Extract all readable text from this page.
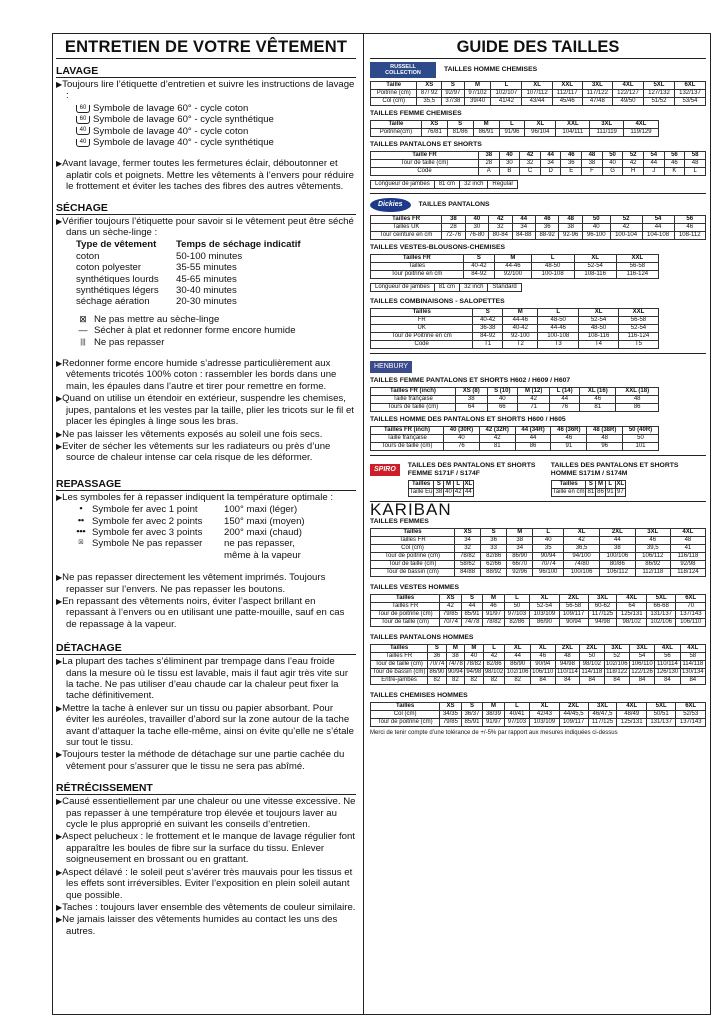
ENTRETIEN DE VOTRE VÊTEMENT
LAVAGE
▶ Toujours lire l’étiquette d’entretien et suivre les instructions de lavage :
60 Symbole de lavage 60° - cycle coton
60 Symbole de lavage 60° - cycle synthétique
40 Symbole de lavage 40° - cycle coton
40 Symbole de lavage 40° - cycle synthétique
▶ Avant lavage, fermer toutes les fermetures éclair, déboutonner et aplatir cols et poignets. Mettre les vêtements à l’envers pour réduire le frottement et éviter les taches des fibres des autres vêtements.
SÉCHAGE
▶ Vérifier toujours l’étiquette pour savoir si le vêtement peut être séché dans un sèche-linge :
Type de vêtement	Temps de séchage indicatif
coton	50-100 minutes
coton polyester	35-55 minutes
synthétiques lourds	45-65 minutes
synthétiques légers	30-40 minutes
séchage aération	20-30 minutes
⊠ Ne pas mettre au sèche-linge
— Sécher à plat et redonner forme encore humide
||| Ne pas repasser
▶ Redonner forme encore humide s’adresse particulièrement aux vêtements tricotés 100% coton : rassembler les bords dans une main, les épaules dans l’autre et tirer pour remettre en forme.
▶ Quand on utilise un étendoir en extérieur, suspendre les chemises, jupes, pantalons et les vestes par la taille, plier les tricots sur le fil et placer les épingles à linge sous les bras.
▶ Ne pas laisser les vêtements exposés au soleil une fois secs.
▶ Eviter de sécher les vêtements sur les radiateurs ou près d’une source de chaleur intense car cela risque de les déformer.
REPASSAGE
▶ Les symboles fer à repasser indiquent la température optimale :
⦁ Symbole fer avec 1 point	100° maxi (léger)
⦁⦁ Symbole fer avec 2 points 150° maxi (moyen)
⦁⦁⦁ Symbole fer avec 3 points 200° maxi (chaud)
☒ Symbole Ne pas repasser ne pas repasser,
même à la vapeur
▶ Ne pas repasser directement les vêtement imprimés. Toujours repasser sur l’envers. Ne pas repasser les boutons.
▶ En repassant des vêtements noirs, éviter l’aspect brillant en repassant à l’envers ou en utilisant une patte-mouille, sauf en cas de repassage à la vapeur.
DÉTACHAGE
▶ La plupart des taches s’éliminent par trempage dans l’eau froide dans la mesure où le tissu est lavable, mais il faut agir très vite sur la tache. Ne pas utiliser d’eau chaude car la chaleur peut fixer la tache définitivement.
▶ Mettre la tache à enlever sur un tissu ou papier absorbant. Pour éviter les auréoles, travailler d’abord sur la zone autour de la tache avant d’attaquer la tache elle-même, ainsi on évite qu’elle ne s’étale sur tout le tissu.
▶ Toujours tester la méthode de détachage sur une partie cachée du vêtement pour s’assurer que le tissu ne sera pas abîmé.
RÉTRÉCISSEMENT
▶ Causé essentiellement par une chaleur ou une vitesse excessive. Ne pas repasser à une température trop élevée et toujours laver au cycle le plus approprié en suivant les conseils d’entretien.
▶ Aspect pelucheux : le frottement et le manque de lavage régulier font apparaître les boules de fibre sur la surface du tissu. Enlever soigneusement en brossant ou en grattant.
▶ Aspect délavé : le soleil peut s’avérer très mauvais pour les tissus et les effets sont irréversibles. Eviter l’exposition en plein soleil autant que possible.
▶ Taches : toujours laver ensemble des vêtements de couleur similaire.
▶ Ne jamais laisser des vêtements humides au contact les uns des autres.
GUIDE DES TAILLES
RUSSELL COLLECTION	TAILLES HOMME CHEMISES
Taille	XS	S	M	L	XL	XXL	3XL	4XL	5XL	6XL
Poitrine (cm)	87/ 92	92/97	97/102	102/107	107/112	112/117	117/122	122/127	127/132	132/137
Col (cm)	35,5	37/38	39/40	41/42	43/44	45/46	47/48	49/50	51/52	53/54
TAILLES FEMME CHEMISES
Taille	XS	S	M	L	XL	XXL	3XL	4XL
Poitrine(cm)	76/81	81/86	86/91	91/96	96/104	104/111	111/119	119/129
TAILLES PANTALONS ET SHORTS
Taille FR	38	40	42	44	46	48	50	52	54	56	58
Tour de taille (cm)	28	30	32	34	36	38	40	42	44	46	48
Code	A	B	C	D	E	F	G	H	J	K	L
Longueur de jambes	81 cm	32 inch	Regular
Dickies	TAILLES PANTALONS
Tailles FR	38	40	42	44	46	48	50	52	54	56
Tailles UK	28	30	32	34	36	38	40	42	44	46
Tour ceinture en cm	72-76	76-80	80-84	84-88	88-92	92-96	96-100	100-104	104-108	108-112
TAILLES VESTES-BLOUSONS-CHEMISES
Tailles FR	S	M	L	XL	XXL
Tailles	40-42	44-46	48-50	52-54	56-58
Tour poitrine en cm	84-92	92/100	100-108	108-116	116-124
Longueur de jambes	81 cm	32 inch	Standard
TAILLES COMBINAISONS - SALOPETTES
Tailles	S	M	L	XL	XXL
FR	40-42	44-46	48-50	52-54	56-58
UK	36-38	40-42	44-46	48-50	52-54
Tour de Poitrine en cm	84-92	92-100	100-108	108-116	116-124
Code	T1	T2	T3	T4	T5
HENBURY
TAILLES FEMME PANTALONS ET SHORTS H602 / H609 / H607
Tailles FR (inch)	XS (8)	S (10)	M (12)	L (14)	XL (16)	XXL (18)
Taille française	38	40	42	44	46	48
Tours de taille (cm)	64	66	71	76	81	86
TAILLES HOMME DES PANTALONS ET SHORTS H600 / H605
Tailles FR (inch)	40 (30R)	42 (32R)	44 (34R)	46 (36R)	48 (38R)	50 (40R)
Taille française	40	42	44	46	48	50
Tours de taille (cm)	76	81	86	91	96	101
SPIRO
TAILLES DES PANTALONS ET SHORTS FEMME S171F / S174F
Tailles	S	M	L	XL
Taille Eu	38	40	42	44
TAILLES DES PANTALONS ET SHORTS HOMME S171M / S174M
Tailles	S	M	L	XL
Taille en cm	81	86	91	97
KARIBAN
TAILLES FEMMES
Tailles	XS	S	M	L	XL	2XL	3XL	4XL
Tailles FR	34	36	38	40	42	44	46	48
Col (cm)	32	33	34	35	36,5	38	39,5	41
Tour de poitrine (cm)	78/82	82/86	86/90	90/94	94/100	100/106	106/112	116/118
Tour de taille (cm)	58/62	62/66	66/70	70/74	74/80	80/86	86/92	92/98
Tour de bassin (cm)	84/88	88/92	92/96	96/100	100/106	106/112	112/118	118/124
TAILLES VESTES HOMMES
Tailles	XS	S	M	L	XL	2XL	3XL	4XL	5XL	6XL
Tailles FR	42	44	46	50	52-54	56-58	60-62	64	66-68	70
Tour de poitrine (cm)	79/85	85/91	91/97	97/103	103/109	109/117	117/125	125/131	131/137	137/143
Tour de taille (cm)	70/74	74/78	78/82	82/86	86/90	90/94	94/98	98/102	102/106	106/110
TAILLES PANTALONS HOMMES
Tailles	S	M	M	L	XL	XL	2XL	2XL	3XL	3XL	4XL	4XL
Tailles FR	36	38	40	42	44	46	48	50	52	54	56	58
Tour de taille (cm)	70/74	74/78	78/82	82/86	86/90	90/94	94/98	98/102	102/106	106/110	110/114	114/118
Tour de bassin (cm)	86/90	90/94	94/98	98/102	102/106	106/110	110/114	114/118	118/122	122/126	126/130	130/134
Entre-jambes	82	82	82	82	82	84	84	84	84	84	84	84
TAILLES CHEMISES HOMMES
Tailles	XS	S	M	L	XL	2XL	3XL	4XL	5XL	6XL
Col (cm)	34/35	36/37	38/39	40/41	42/43	44/45,5	46/47,5	48/49	50/51	52/53
Tour de poitrine (cm)	79/85	85/91	91/97	97/103	103/109	109/117	117/125	125/131	131/137	137/143
Merci de tenir compte d’une tolérance de +/-5% par rapport aux mesures indiquées ci-dessus
